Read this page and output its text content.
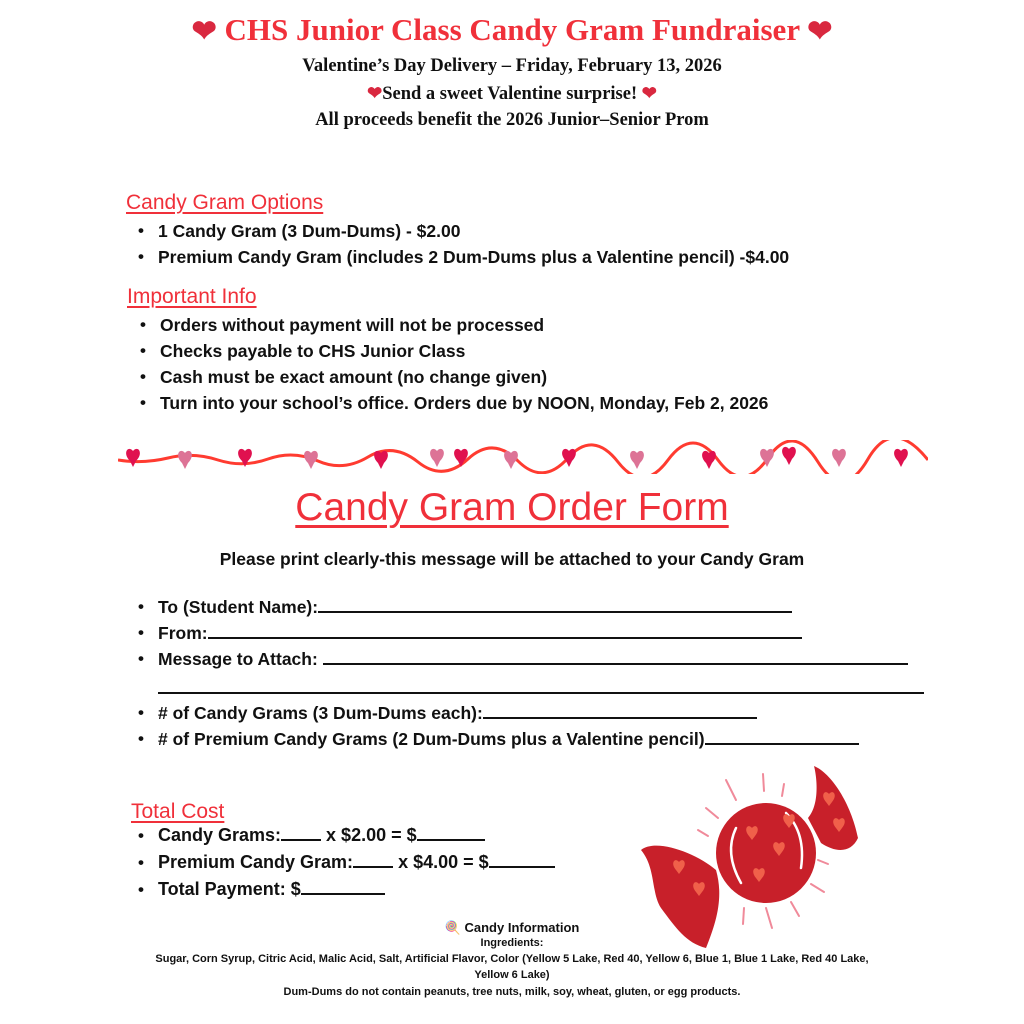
❤ CHS Junior Class Candy Gram Fundraiser ❤
Valentine’s Day Delivery – Friday, February 13, 2026
❤Send a sweet Valentine surprise! ❤
All proceeds benefit the 2026 Junior–Senior Prom
Candy Gram Options
• 1 Candy Gram (3 Dum-Dums) - $2.00
• Premium Candy Gram (includes 2 Dum-Dums plus a Valentine pencil) -$4.00
Important Info
• Orders without payment will not be processed
• Checks payable to CHS Junior Class
• Cash must be exact amount (no change given)
• Turn into your school’s office. Orders due by NOON, Monday, Feb 2, 2026
Candy Gram Order Form
Please print clearly-this message will be attached to your Candy Gram
• To (Student Name):
• From:
• Message to Attach:
• # of Candy Grams (3 Dum-Dums each):
• # of Premium Candy Grams (2 Dum-Dums plus a Valentine pencil)
Total Cost
• Candy Grams: x $2.00 = $
• Premium Candy Gram: x $4.00 = $
• Total Payment: $
🍭 Candy Information
Ingredients:
Sugar, Corn Syrup, Citric Acid, Malic Acid, Salt, Artificial Flavor, Color (Yellow 5 Lake, Red 40, Yellow 6, Blue 1, Blue 1 Lake, Red 40 Lake,
Yellow 6 Lake)
Dum-Dums do not contain peanuts, tree nuts, milk, soy, wheat, gluten, or egg products.
